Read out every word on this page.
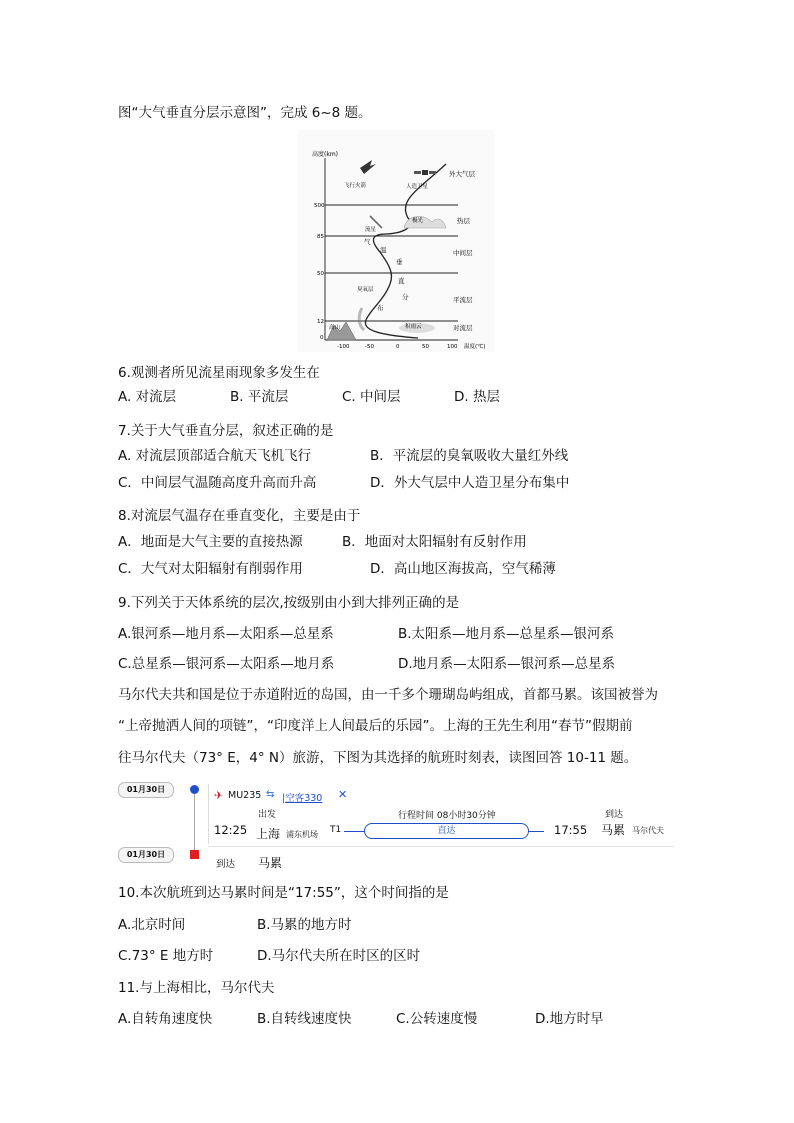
图“大气垂直分层示意图”，完成 6~8 题。
高度(km)
500
85
50
12
0
-100	-50	0	50	100 温度(℃)
外大气层
热层
中间层
平流层
对流层
飞行火箭	人造卫星
极光
流星
气
温
垂
直
分
布
臭氧层
高山	积雨云
6.观测者所见流星雨现象多发生在
A. 对流层	B. 平流层	C. 中间层	D. 热层
7.关于大气垂直分层，叙述正确的是
A. 对流层顶部适合航天飞机飞行	B．平流层的臭氧吸收大量红外线
C．中间层气温随高度升高而升高	D．外大气层中人造卫星分布集中
8.对流层气温存在垂直变化，主要是由于
A．地面是大气主要的直接热源	B．地面对太阳辐射有反射作用
C．大气对太阳辐射有削弱作用	D．高山地区海拔高，空气稀薄
9.下列关于天体系统的层次,按级别由小到大排列正确的是
A.银河系—地月系—太阳系—总星系	B.太阳系—地月系—总星系—银河系
C.总星系—银河系—太阳系—地月系	D.地月系—太阳系—银河系—总星系
马尔代夫共和国是位于赤道附近的岛国，由一千多个珊瑚岛屿组成，首都马累。该国被誉为
“上帝抛洒人间的项链”，“印度洋上人间最后的乐园”。上海的王先生利用“春节”假期前
往马尔代夫（73° E，4° N）旅游，下图为其选择的航班时刻表，读图回答 10-11 题。
01月30日
01月30日
✈ MU235 ⇆ |空客330 ✕
出发	行程时间 08小时30分钟	到达
12:25 上海 浦东机场 T1	直达	17:55 马累 马尔代夫
到达 马累
10.本次航班到达马累时间是“17:55”，这个时间指的是
A.北京时间	B.马累的地方时
C.73° E 地方时	D.马尔代夫所在时区的区时
11.与上海相比，马尔代夫
A.自转角速度快	B.自转线速度快	C.公转速度慢	D.地方时早
